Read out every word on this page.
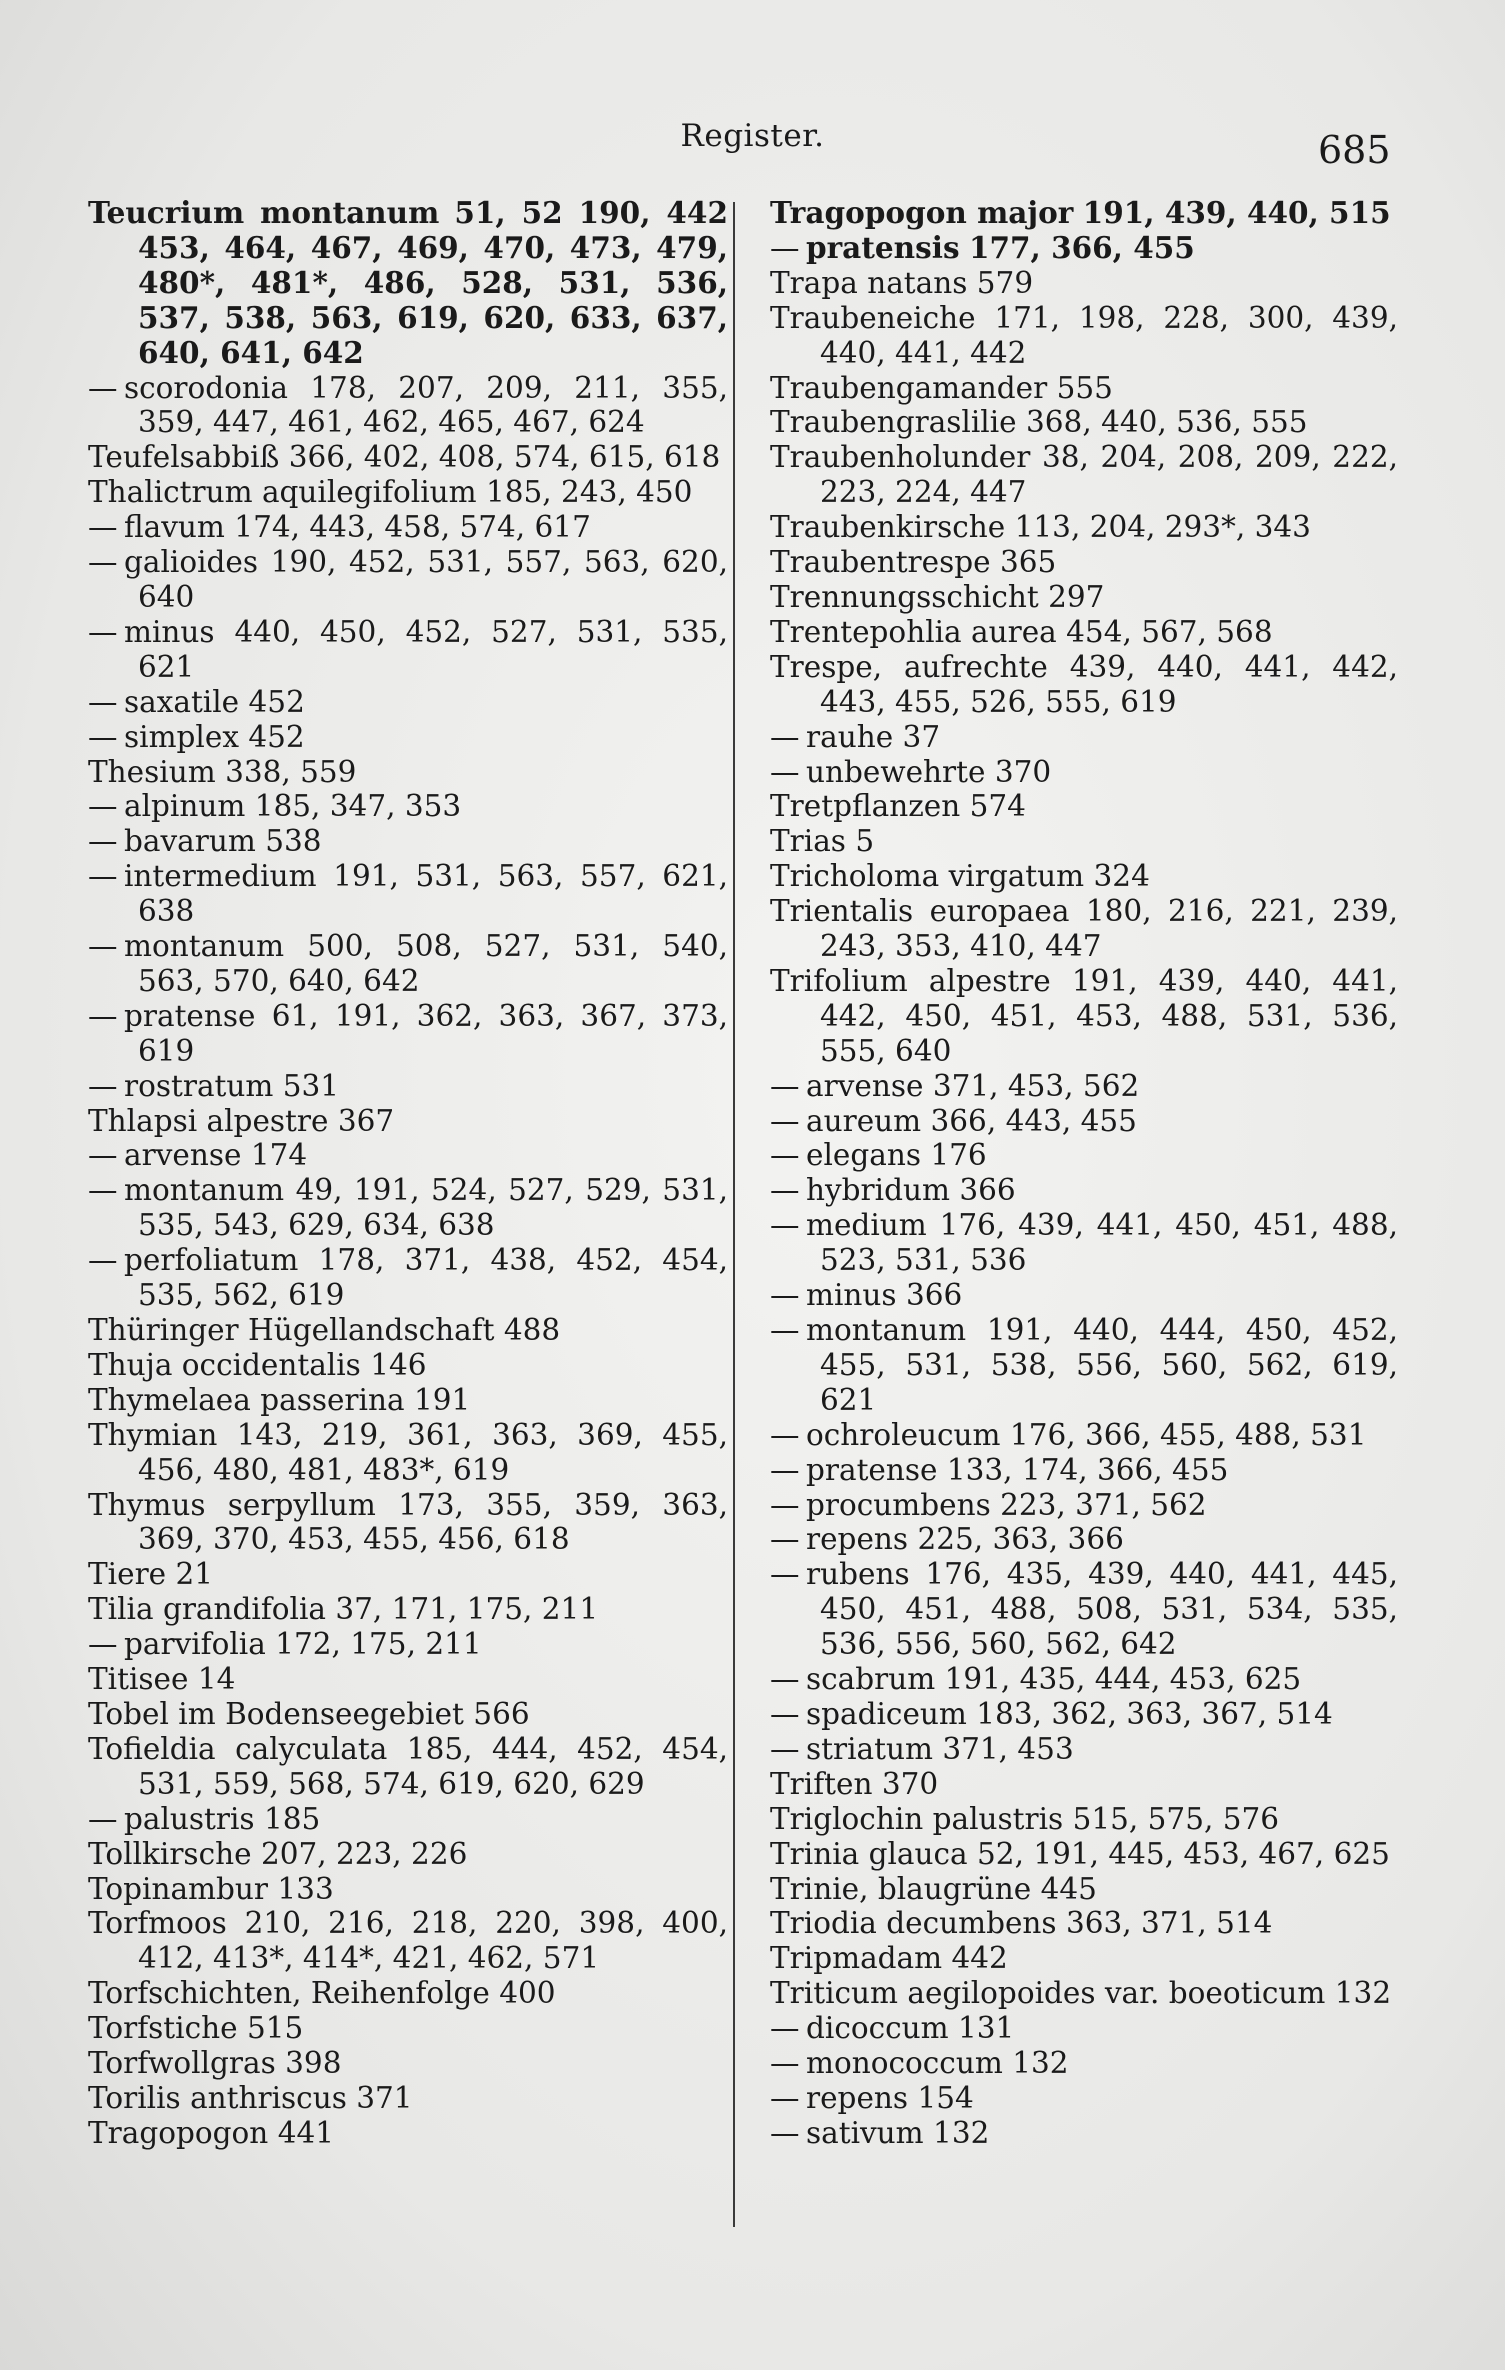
Register.	685

Teucrium montanum 51, 52 190, 442 453, 464, 467, 469, 470, 473, 479, 480*, 481*, 486, 528, 531, 536, 537, 538, 563, 619, 620, 633, 637, 640, 641, 642

— scorodonia 178, 207, 209, 211, 355, 359, 447, 461, 462, 465, 467, 624

Teufelsabbiß 366, 402, 408, 574, 615, 618

Thalictrum aquilegifolium 185, 243, 450

— flavum 174, 443, 458, 574, 617

— galioides 190, 452, 531, 557, 563, 620, 640

— minus 440, 450, 452, 527, 531, 535, 621

— saxatile 452

— simplex 452

Thesium 338, 559

— alpinum 185, 347, 353

— bavarum 538

— intermedium 191, 531, 563, 557, 621, 638

— montanum 500, 508, 527, 531, 540, 563, 570, 640, 642

— pratense 61, 191, 362, 363, 367, 373, 619

— rostratum 531

Thlapsi alpestre 367

— arvense 174

— montanum 49, 191, 524, 527, 529, 531, 535, 543, 629, 634, 638

— perfoliatum 178, 371, 438, 452, 454, 535, 562, 619

Thüringer Hügellandschaft 488

Thuja occidentalis 146

Thymelaea passerina 191

Thymian 143, 219, 361, 363, 369, 455, 456, 480, 481, 483*, 619

Thymus serpyllum 173, 355, 359, 363, 369, 370, 453, 455, 456, 618

Tiere 21

Tilia grandifolia 37, 171, 175, 211

— parvifolia 172, 175, 211

Titisee 14

Tobel im Bodenseegebiet 566

Tofieldia calyculata 185, 444, 452, 454, 531, 559, 568, 574, 619, 620, 629

— palustris 185

Tollkirsche 207, 223, 226

Topinambur 133

Torfmoos 210, 216, 218, 220, 398, 400, 412, 413*, 414*, 421, 462, 571

Torfschichten, Reihenfolge 400

Torfstiche 515

Torfwollgras 398

Torilis anthriscus 371

Tragopogon 441

Tragopogon major 191, 439, 440, 515

— pratensis 177, 366, 455

Trapa natans 579

Traubeneiche 171, 198, 228, 300, 439, 440, 441, 442

Traubengamander 555

Traubengraslilie 368, 440, 536, 555

Traubenholunder 38, 204, 208, 209, 222, 223, 224, 447

Traubenkirsche 113, 204, 293*, 343

Traubentrespe 365

Trennungsschicht 297

Trentepohlia aurea 454, 567, 568

Trespe, aufrechte 439, 440, 441, 442, 443, 455, 526, 555, 619

— rauhe 37

— unbewehrte 370

Tretpflanzen 574

Trias 5

Tricholoma virgatum 324

Trientalis europaea 180, 216, 221, 239, 243, 353, 410, 447

Trifolium alpestre 191, 439, 440, 441, 442, 450, 451, 453, 488, 531, 536, 555, 640

— arvense 371, 453, 562

— aureum 366, 443, 455

— elegans 176

— hybridum 366

— medium 176, 439, 441, 450, 451, 488, 523, 531, 536

— minus 366

— montanum 191, 440, 444, 450, 452, 455, 531, 538, 556, 560, 562, 619, 621

— ochroleucum 176, 366, 455, 488, 531

— pratense 133, 174, 366, 455

— procumbens 223, 371, 562

— repens 225, 363, 366

— rubens 176, 435, 439, 440, 441, 445, 450, 451, 488, 508, 531, 534, 535, 536, 556, 560, 562, 642

— scabrum 191, 435, 444, 453, 625

— spadiceum 183, 362, 363, 367, 514

— striatum 371, 453

Triften 370

Triglochin palustris 515, 575, 576

Trinia glauca 52, 191, 445, 453, 467, 625

Trinie, blaugrüne 445

Triodia decumbens 363, 371, 514

Tripmadam 442

Triticum aegilopoides var. boeoticum 132

— dicoccum 131

— monococcum 132

— repens 154

— sativum 132
